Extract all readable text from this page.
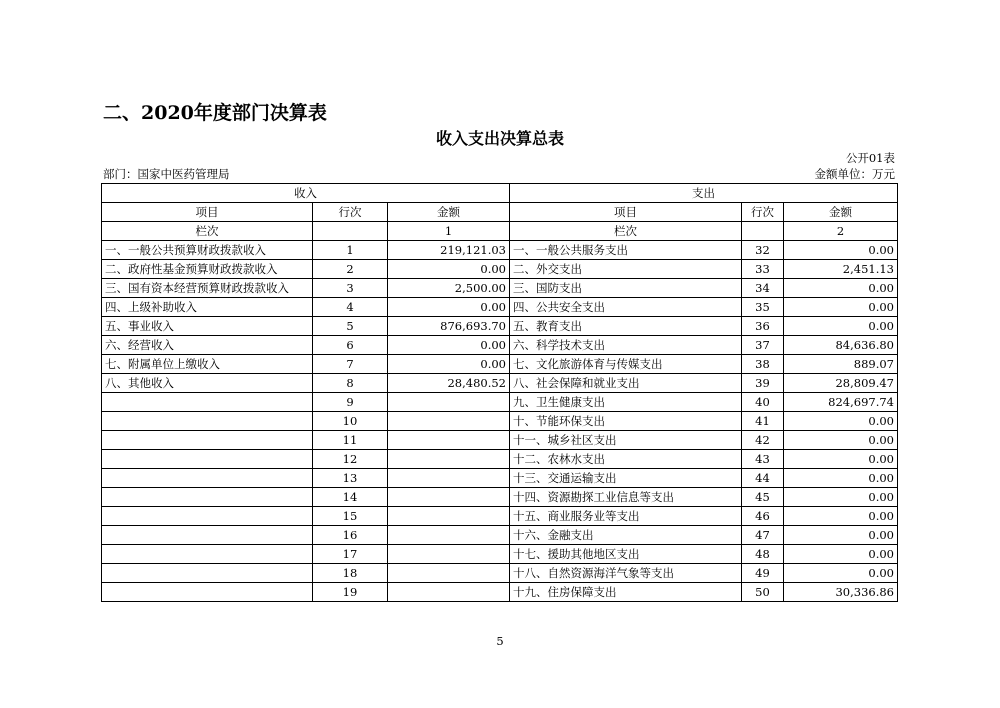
二、2020年度部门决算表
收入支出决算总表
公开01表
部门：国家中医药管理局	金额单位：万元
收入			支出		
项目	行次	金额	项目	行次	金额
栏次		1	栏次		2
一、一般公共预算财政拨款收入	1	219,121.03	一、一般公共服务支出	32	0.00
二、政府性基金预算财政拨款收入	2	0.00	二、外交支出	33	2,451.13
三、国有资本经营预算财政拨款收入	3	2,500.00	三、国防支出	34	0.00
四、上级补助收入	4	0.00	四、公共安全支出	35	0.00
五、事业收入	5	876,693.70	五、教育支出	36	0.00
六、经营收入	6	0.00	六、科学技术支出	37	84,636.80
七、附属单位上缴收入	7	0.00	七、文化旅游体育与传媒支出	38	889.07
八、其他收入	8	28,480.52	八、社会保障和就业支出	39	28,809.47
	9		九、卫生健康支出	40	824,697.74
	10		十、节能环保支出	41	0.00
	11		十一、城乡社区支出	42	0.00
	12		十二、农林水支出	43	0.00
	13		十三、交通运输支出	44	0.00
	14		十四、资源勘探工业信息等支出	45	0.00
	15		十五、商业服务业等支出	46	0.00
	16		十六、金融支出	47	0.00
	17		十七、援助其他地区支出	48	0.00
	18		十八、自然资源海洋气象等支出	49	0.00
	19		十九、住房保障支出	50	30,336.86
5
